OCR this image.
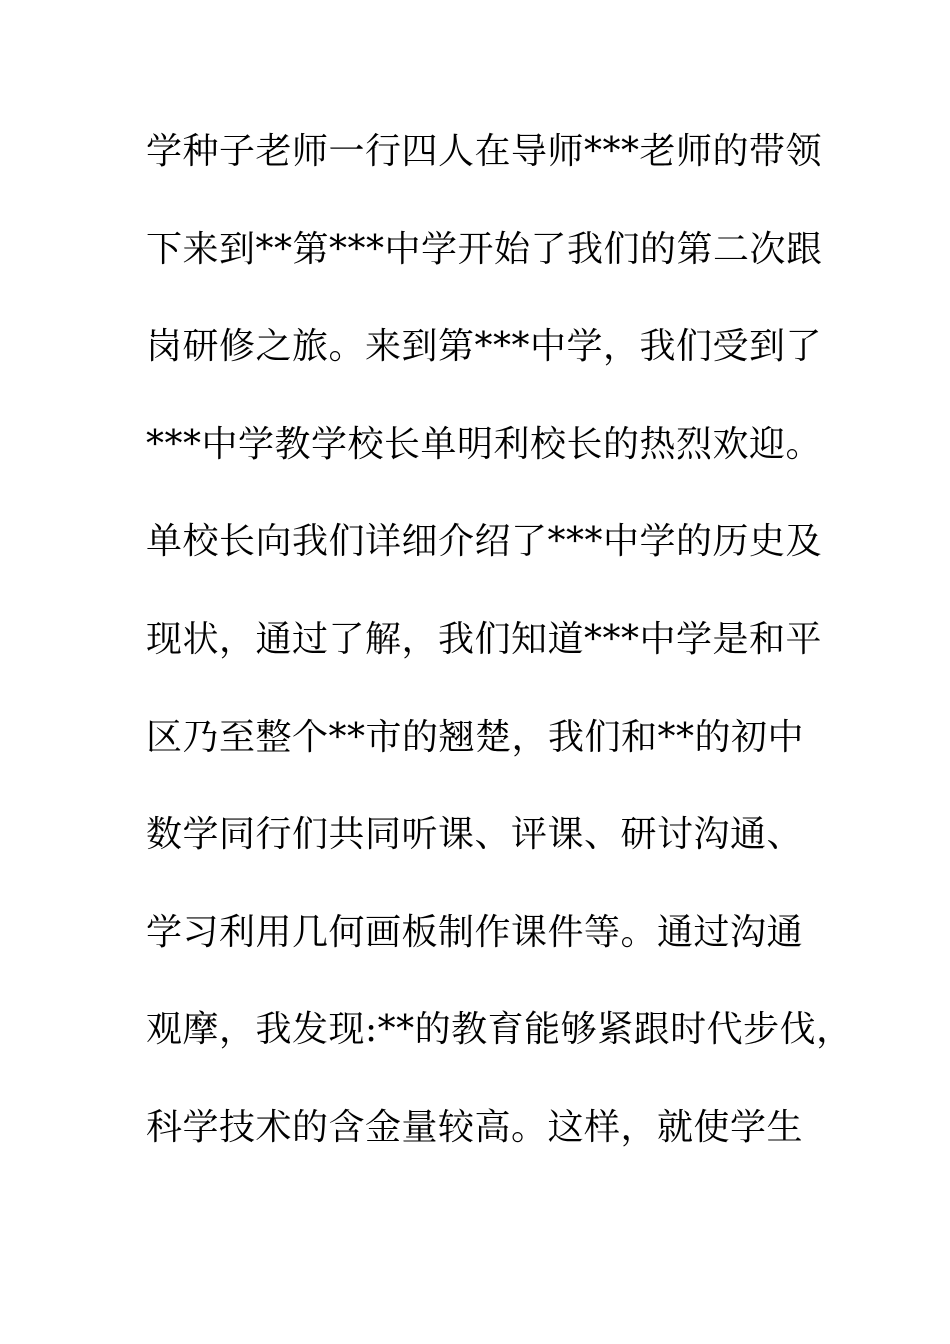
学种子老师一行四人在导师***老师的带领
下来到**第***中学开始了我们的第二次跟
岗研修之旅。来到第***中学，我们受到了
***中学教学校长单明利校长的热烈欢迎。
单校长向我们详细介绍了***中学的历史及
现状，通过了解，我们知道***中学是和平
区乃至整个**市的翘楚，我们和**的初中
数学同行们共同听课、评课、研讨沟通、
学习利用几何画板制作课件等。通过沟通
观摩，我发现:**的教育能够紧跟时代步伐，
科学技术的含金量较高。这样，就使学生
